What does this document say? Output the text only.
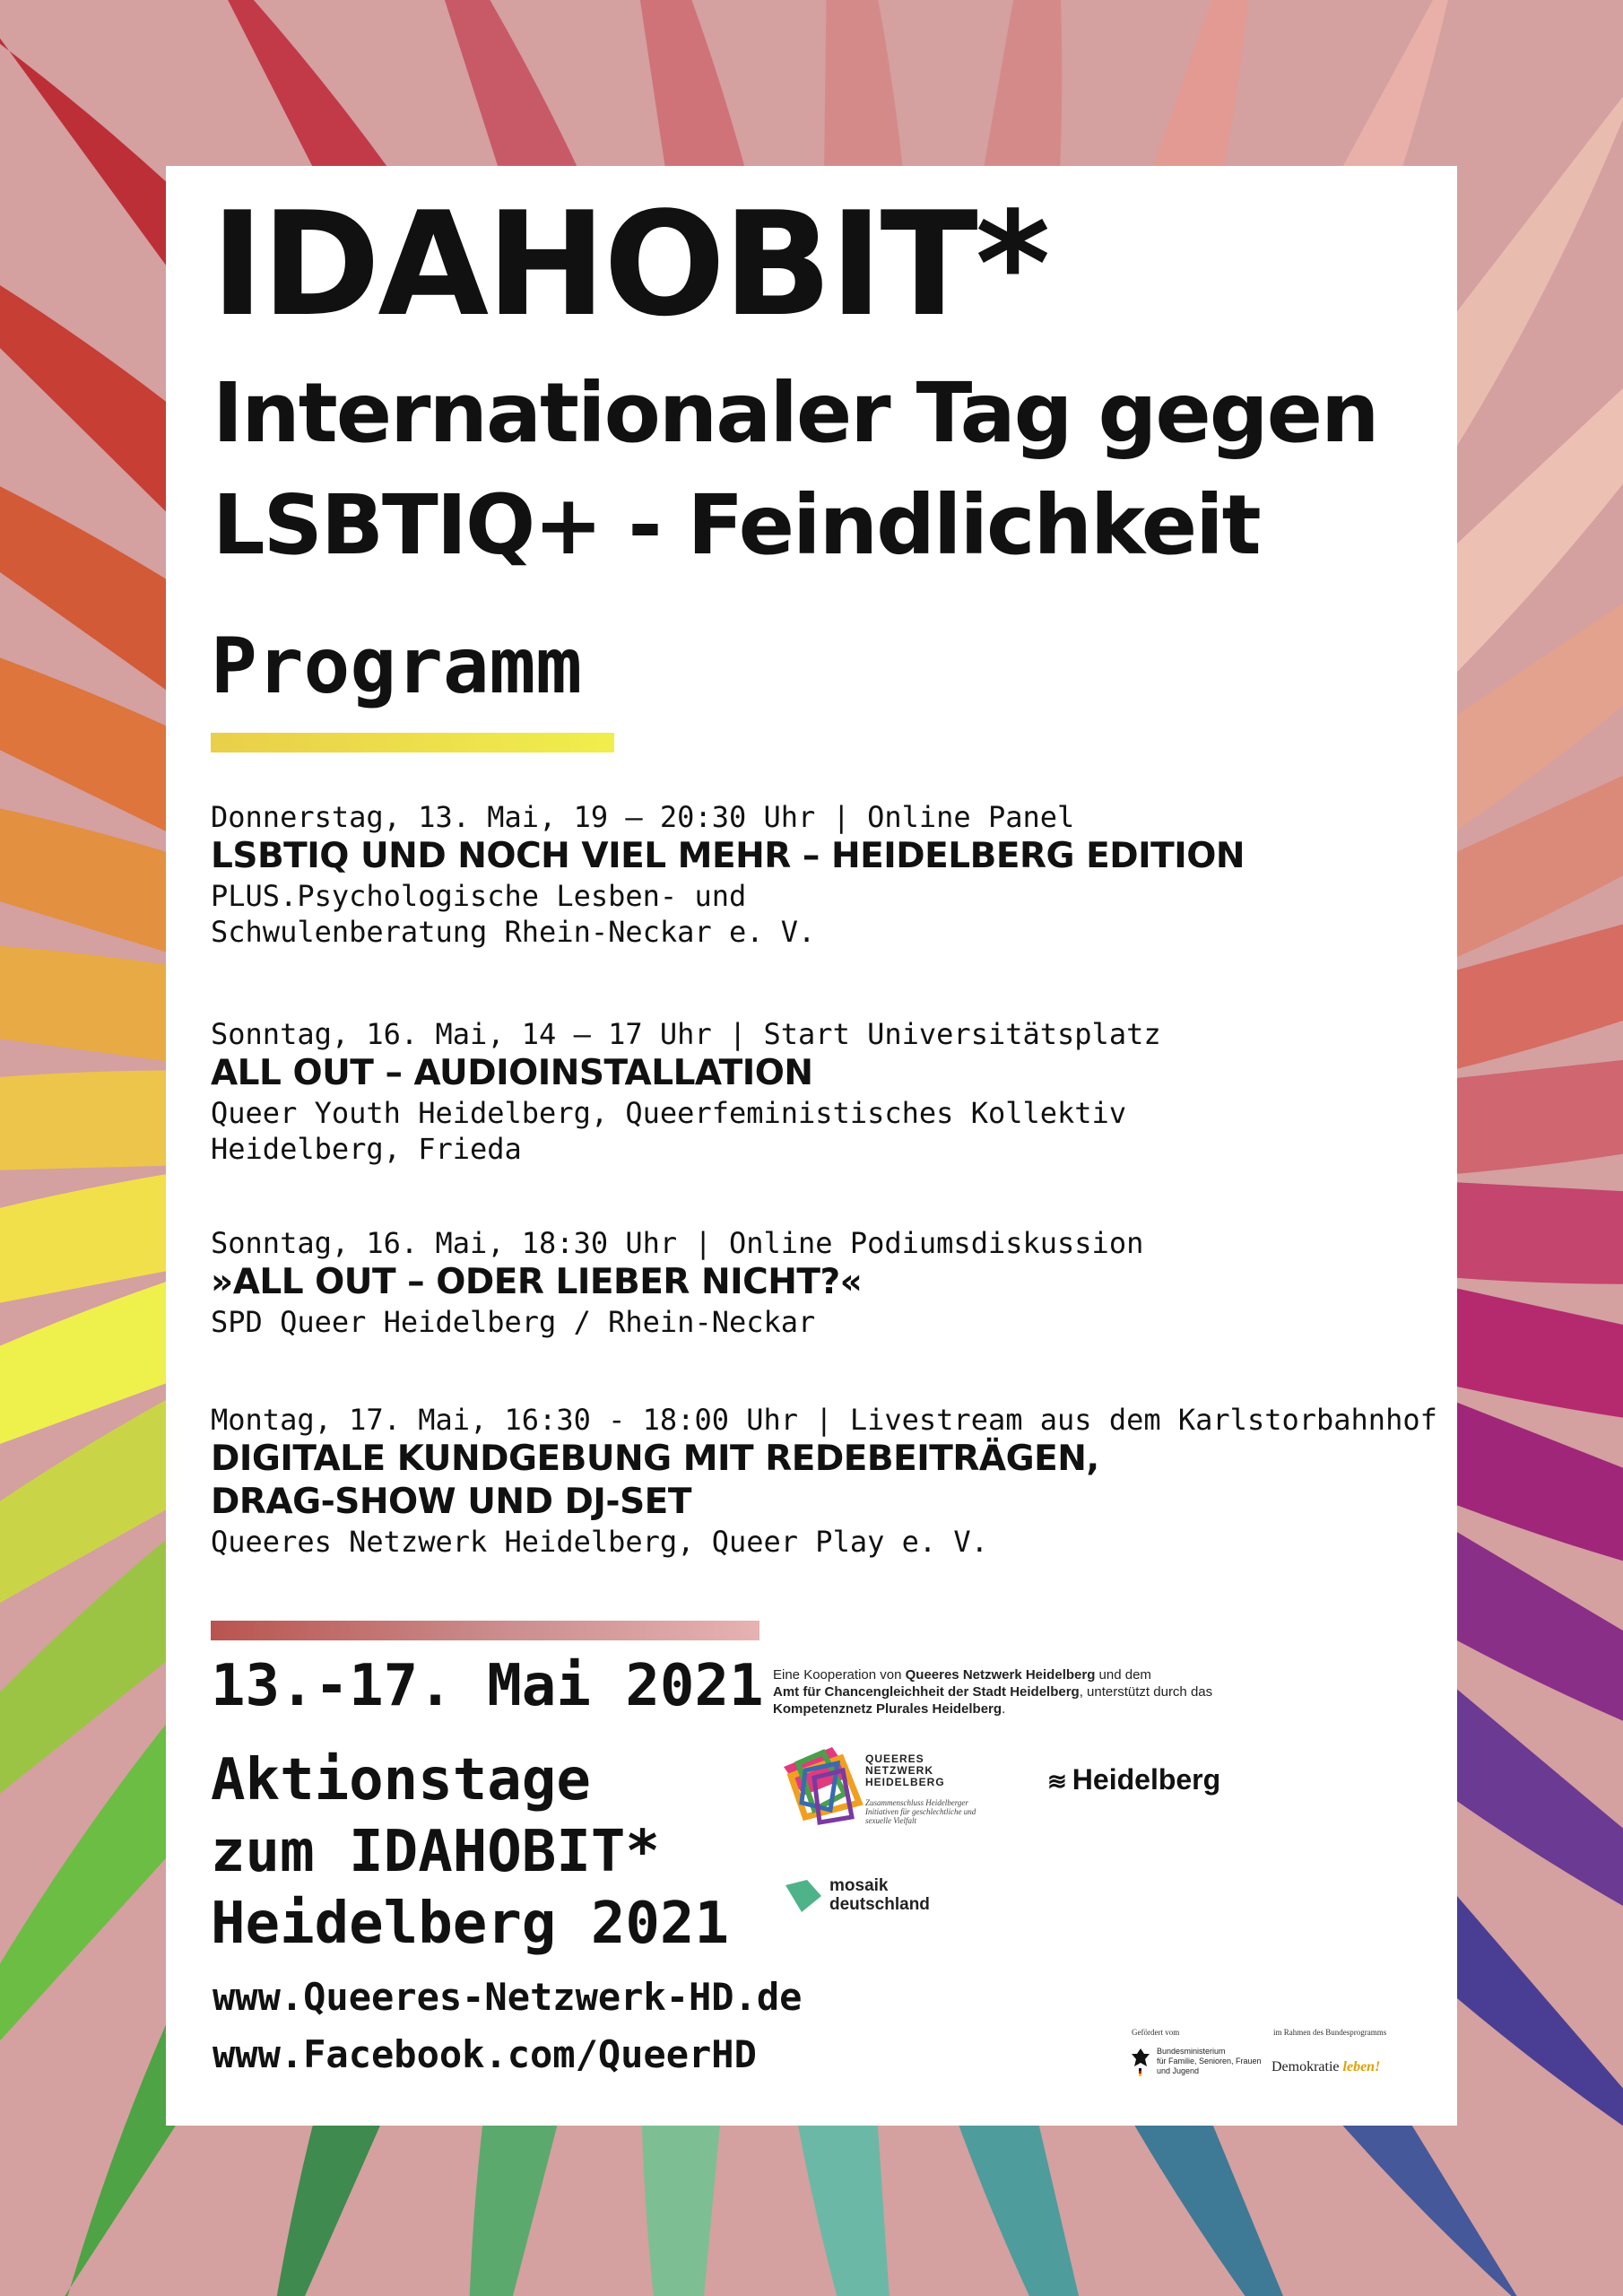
IDAHOBIT*
Internationaler Tag gegen
LSBTIQ+ - Feindlichkeit
Programm
Donnerstag, 13. Mai, 19 – 20:30 Uhr | Online Panel
LSBTIQ UND NOCH VIEL MEHR – HEIDELBERG EDITION
PLUS.Psychologische Lesben- und
Schwulenberatung Rhein-Neckar e. V.
Sonntag, 16. Mai, 14 – 17 Uhr | Start Universitätsplatz
ALL OUT – AUDIOINSTALLATION
Queer Youth Heidelberg, Queerfeministisches Kollektiv
Heidelberg, Frieda
Sonntag, 16. Mai, 18:30 Uhr | Online Podiumsdiskussion
»ALL OUT – ODER LIEBER NICHT?«
SPD Queer Heidelberg / Rhein-Neckar
Montag, 17. Mai, 16:30 - 18:00 Uhr | Livestream aus dem Karlstorbahnhof
DIGITALE KUNDGEBUNG MIT REDEBEITRÄGEN,
DRAG-SHOW UND DJ-SET
Queeres Netzwerk Heidelberg, Queer Play e. V.
13.-17. Mai 2021
Aktionstage
zum IDAHOBIT*
Heidelberg 2021
www.Queeres-Netzwerk-HD.de
www.Facebook.com/QueerHD
Eine Kooperation von Queeres Netzwerk Heidelberg und dem
Amt für Chancengleichheit der Stadt Heidelberg, unterstützt durch das Kompetenznetz Plurales Heidelberg.
QUEERES
NETZWERK
HEIDELBERG
Zusammenschluss Heidelberger Initiativen für geschlechtliche und sexuelle Vielfalt
≋ Heidelberg
mosaik
deutschland
Gefördert vom	im Rahmen des Bundesprogramms
Bundesministerium
für Familie, Senioren, Frauen
und Jugend	Demokratie leben!
